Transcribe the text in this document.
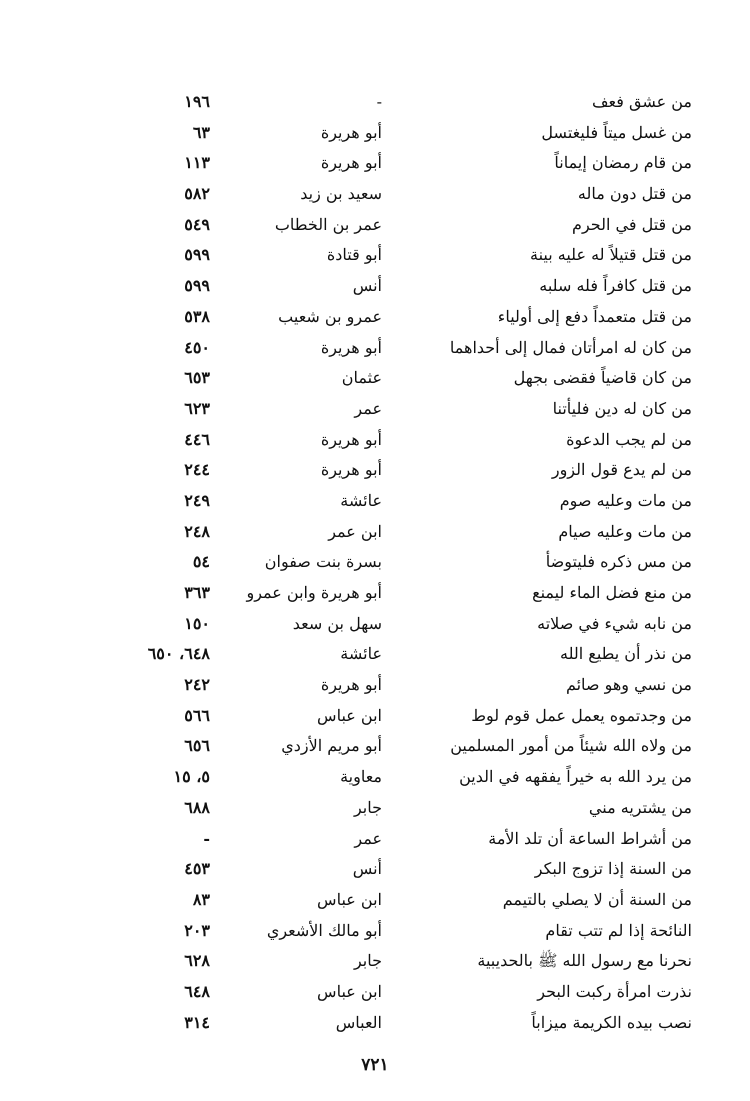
من عشق فعف
-
١٩٦
من غسل ميتاً فليغتسل
أبو هريرة
٦٣
من قام رمضان إيماناً
أبو هريرة
١١٣
من قتل دون ماله
سعيد بن زيد
٥٨٢
من قتل في الحرم
عمر بن الخطاب
٥٤٩
من قتل قتيلاً له عليه بينة
أبو قتادة
٥٩٩
من قتل كافراً فله سلبه
أنس
٥٩٩
من قتل متعمداً دفع إلى أولياء
عمرو بن شعيب
٥٣٨
من كان له امرأتان فمال إلى أحداهما
أبو هريرة
٤٥٠
من كان قاضياً فقضى بجهل
عثمان
٦٥٣
من كان له دين فليأتنا
عمر
٦٢٣
من لم يجب الدعوة
أبو هريرة
٤٤٦
من لم يدع قول الزور
أبو هريرة
٢٤٤
من مات وعليه صوم
عائشة
٢٤٩
من مات وعليه صيام
ابن عمر
٢٤٨
من مس ذكره فليتوضأ
بسرة بنت صفوان
٥٤
من منع فضل الماء ليمنع
أبو هريرة وابن عمرو
٣٦٣
من نابه شيء في صلاته
سهل بن سعد
١٥٠
من نذر أن يطيع الله
عائشة
٦٤٨، ٦٥٠
من نسي وهو صائم
أبو هريرة
٢٤٢
من وجدتموه يعمل عمل قوم لوط
ابن عباس
٥٦٦
من ولاه الله شيئاً من أمور المسلمين
أبو مريم الأزدي
٦٥٦
من يرد الله به خيراً يفقهه في الدين
معاوية
٥، ١٥
من يشتريه مني
جابر
٦٨٨
من أشراط الساعة أن تلد الأمة
عمر
-
من السنة إذا تزوج البكر
أنس
٤٥٣
من السنة أن لا يصلي بالتيمم
ابن عباس
٨٣
النائحة إذا لم تتب تقام
أبو مالك الأشعري
٢٠٣
نحرنا مع رسول الله ﷺ بالحديبية
جابر
٦٢٨
نذرت امرأة ركبت البحر
ابن عباس
٦٤٨
نصب بيده الكريمة ميزاباً
العباس
٣١٤
٧٢١
